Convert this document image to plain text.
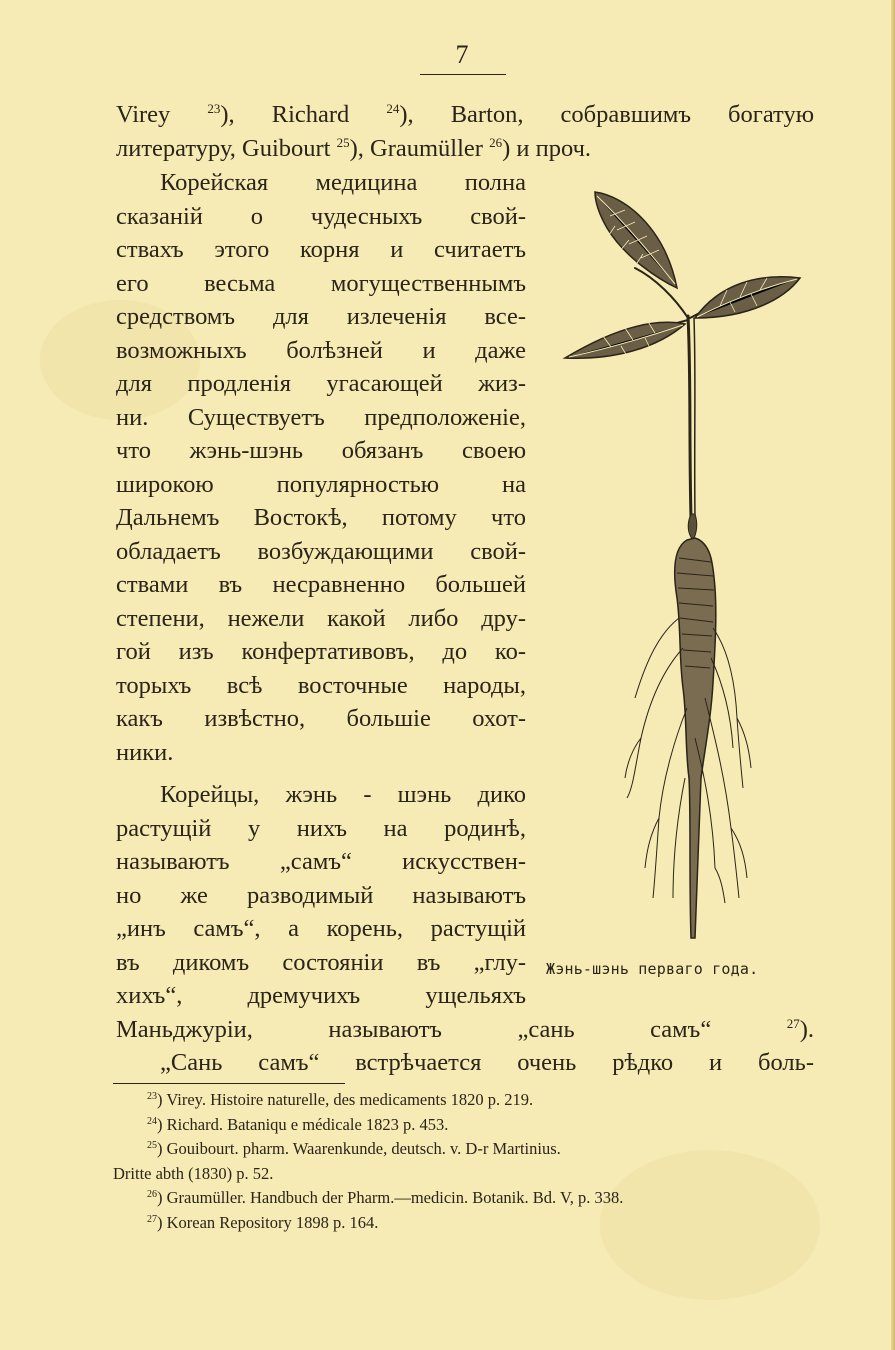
7
Virey $^{23}$), Richard $^{24}$), Barton, собравшимъ богатую
литературу, Guibourt $^{25}$), Graumüller $^{26}$) и проч.
Корейская медицина полна
сказаній о чудесныхъ свой-
ствахъ этого корня и считаетъ
его весьма могущественнымъ
средствомъ для излеченія все-
возможныхъ болѣзней и даже
для продленія угасающей жиз-
ни. Существуетъ предположеніе,
что жэнь-шэнь обязанъ своею
широкою популярностью на
Дальнемъ Востокѣ, потому что
обладаетъ возбуждающими свой-
ствами въ несравненно большей
степени, нежели какой либо дру-
гой изъ конфертативовъ, до ко-
торыхъ всѣ восточные народы,
какъ извѣстно, большіе охот-
ники.
Корейцы, жэнь - шэнь дико
растущій у нихъ на родинѣ,
называютъ „самъ“ искусствен-
но же разводимый называютъ
„инъ самъ“, а корень, растущій
въ дикомъ состояніи въ „глу-
хихъ“, дремучихъ ущельяхъ
Маньджуріи, называютъ „сань самъ“ $^{27}$).
„Сань самъ“ встрѣчается очень рѣдко и боль-
Жэнь-шэнь перваго года.
$^{23}$) Virey. Histoire naturelle, des medicaments 1820 p. 219.
$^{24}$) Richard. Bataniqu e médicale 1823 p. 453.
$^{25}$) Gouibourt. pharm. Waarenkunde, deutsch. v. D-r Martinius.
Dritte abth (1830) p. 52.
$^{26}$) Graumüller. Handbuch der Pharm.—medicin. Botanik. Bd. V, p. 338.
$^{27}$) Korean Repository 1898 p. 164.
